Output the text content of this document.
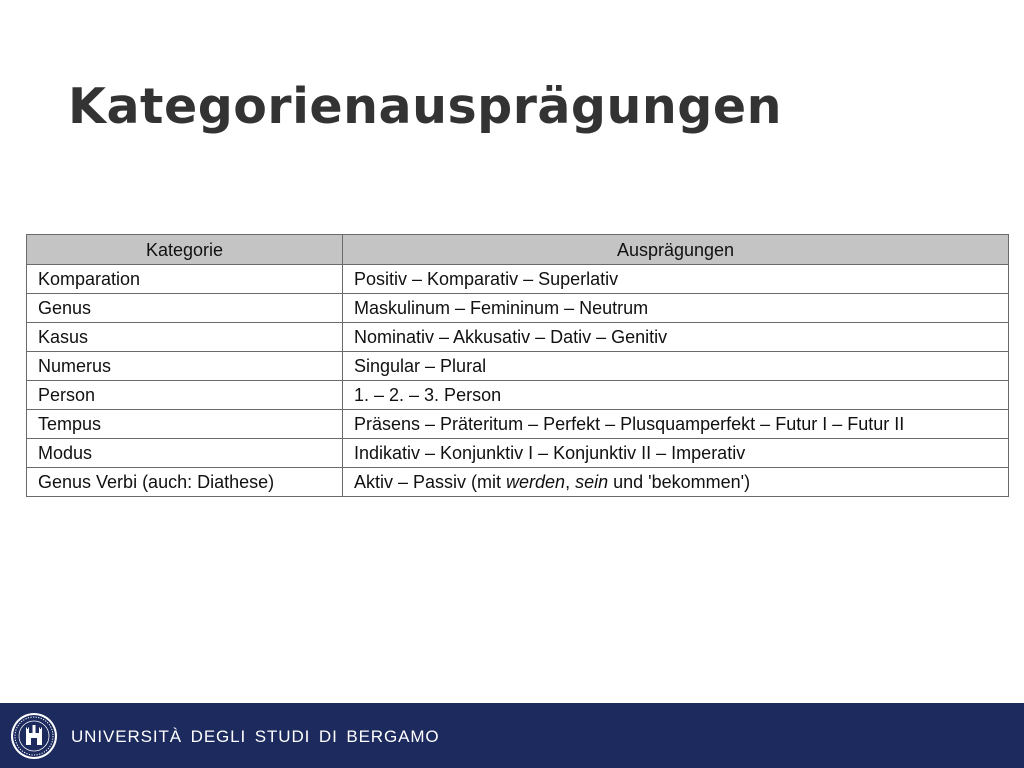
Kategorienausprägungen
Kategorie	Ausprägungen
Komparation	Positiv – Komparativ – Superlativ
Genus	Maskulinum – Femininum – Neutrum
Kasus	Nominativ – Akkusativ – Dativ – Genitiv
Numerus	Singular – Plural
Person	1. – 2. – 3. Person
Tempus	Präsens – Präteritum – Perfekt – Plusquamperfekt – Futur I – Futur II
Modus	Indikativ – Konjunktiv I – Konjunktiv II – Imperativ
Genus Verbi (auch: Diathese)	Aktiv – Passiv (mit werden, sein und 'bekommen')
UNIVERSITÀ DEGLI STUDI DI BERGAMO
